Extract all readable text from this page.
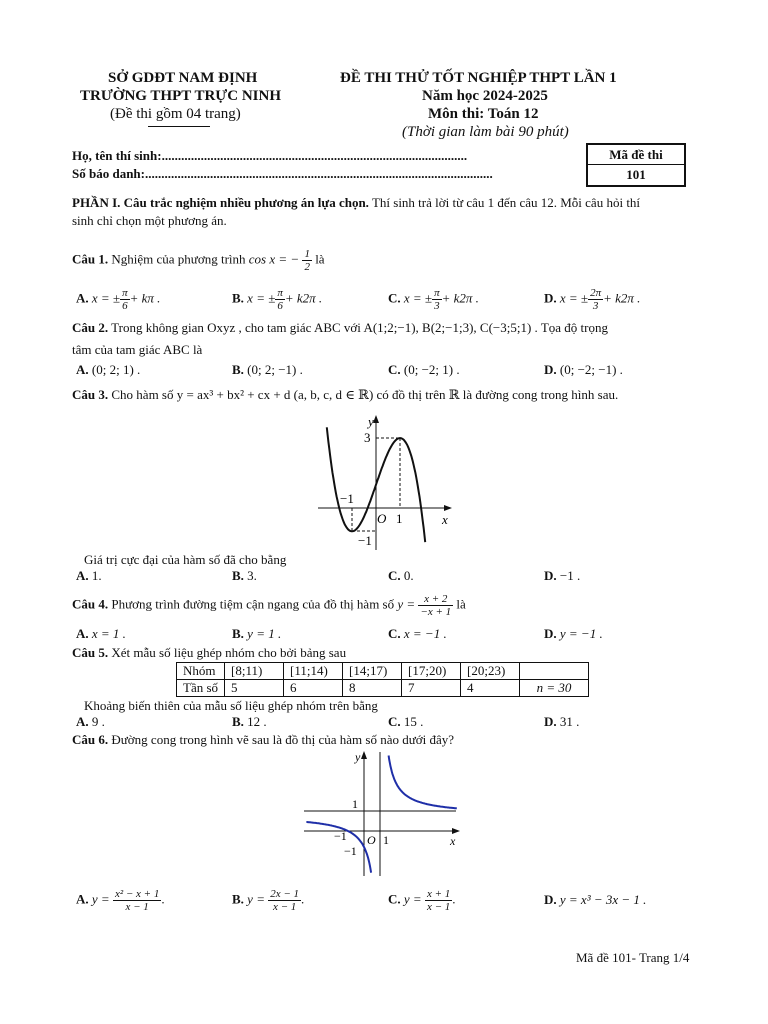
SỞ GDĐT NAM ĐỊNH
TRƯỜNG THPT TRỰC NINH
(Đề thi gồm 04 trang)
ĐỀ THI THỬ TỐT NGHIỆP THPT LẦN 1
Năm học 2024-2025
Môn thi: Toán 12
(Thời gian làm bài 90 phút)
Họ, tên thí sinh:..............................................................................................
Số báo danh:...........................................................................................................
Mã đề thi
101
PHẦN I. Câu trắc nghiệm nhiều phương án lựa chọn. Thí sinh trả lời từ câu 1 đến câu 12. Mỗi câu hỏi thí
sinh chỉ chọn một phương án.
Câu 1. Nghiệm của phương trình cos x = − $\frac{1}{2}$ là
A. x = ± $\frac{\pi}{6} + k\pi$ .	B. x = ± $\frac{\pi}{6} + k2\pi$ .	C. x = ± $\frac{\pi}{3} + k2\pi$ .	D. x = ± $\frac{2\pi}{3} + k2\pi$ .
Câu 2. Trong không gian Oxyz , cho tam giác ABC với A(1;2;−1), B(2;−1;3), C(−3;5;1) . Tọa độ trọng
tâm của tam giác ABC là
A. (0; 2; 1) .	B. (0; 2; −1) .	C. (0; −2; 1) .	D. (0; −2; −1) .
Câu 3. Cho hàm số y = ax³ + bx² + cx + d (a, b, c, d ∈ ℝ) có đồ thị trên ℝ là đường cong trong hình sau.
y
x
3
O 1
−1
−1
Giá trị cực đại của hàm số đã cho bằng
A. 1.	B. 3.	C. 0.	D. −1 .
Câu 4. Phương trình đường tiệm cận ngang của đồ thị hàm số $y = \frac{x + 2}{-x + 1}$ là
A. x = 1 .	B. y = 1 .	C. x = −1 .	D. y = −1 .
Câu 5. Xét mẫu số liệu ghép nhóm cho bởi bảng sau
Nhóm	[8;11)	[11;14)	[14;17)	[17;20)	[20;23)	
Tần số	5	6	8	7	4	n = 30
Khoảng biến thiên của mẫu số liệu ghép nhóm trên bằng
A. 9 .	B. 12 .	C. 15 .	D. 31 .
Câu 6. Đường cong trong hình vẽ sau là đồ thị của hàm số nào dưới đây?
y
x
1
O 1
−1
−1
A. $y = \frac{\text{x² − x + 1}}{x - 1}$ .	B. $y = \frac{2x - 1}{x - 1}$ .	C. $y = \frac{x + 1}{x - 1}$ .	D. y = x³ − 3x − 1 .
Mã đề 101- Trang 1/4
